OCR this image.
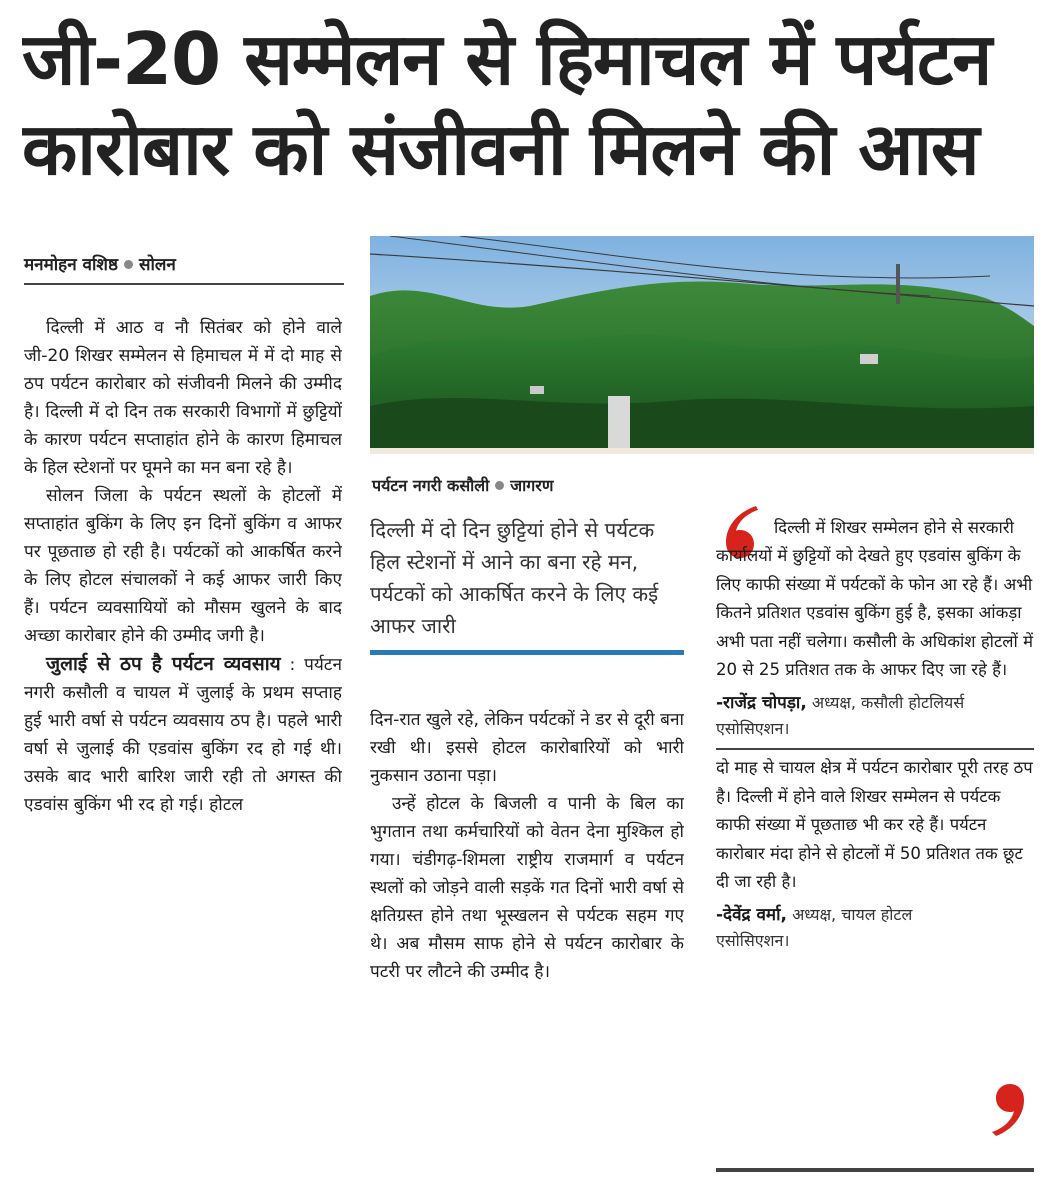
जी-20 सम्मेलन से हिमाचल में पर्यटन
कारोबार को संजीवनी मिलने की आस
मनमोहन वशिष्ठ सोलन

दिल्ली में आठ व नौ सितंबर को होने वाले जी-20 शिखर सम्मेलन से हिमाचल में में दो माह से ठप पर्यटन कारोबार को संजीवनी मिलने की उम्मीद है। दिल्ली में दो दिन तक सरकारी विभागों में छुट्टियों के कारण पर्यटन सप्ताहांत होने के कारण हिमाचल के हिल स्टेशनों पर घूमने का मन बना रहे है।

सोलन जिला के पर्यटन स्थलों के होटलों में सप्ताहांत बुकिंग के लिए इन दिनों बुकिंग व आफर पर पूछताछ हो रही है। पर्यटकों को आकर्षित करने के लिए होटल संचालकों ने कई आफर जारी किए हैं। पर्यटन व्यवसायियों को मौसम खुलने के बाद अच्छा कारोबार होने की उम्मीद जगी है।

जुलाई से ठप है पर्यटन व्यवसाय : पर्यटन नगरी कसौली व चायल में जुलाई के प्रथम सप्ताह हुई भारी वर्षा से पर्यटन व्यवसाय ठप है। पहले भारी वर्षा से जुलाई की एडवांस बुकिंग रद हो गई थी। उसके बाद भारी बारिश जारी रही तो अगस्त की एडवांस बुकिंग भी रद हो गई। होटल

पर्यटन नगरी कसौली जागरण
दिल्ली में दो दिन छुट्टियां होने से पर्यटक हिल स्टेशनों में आने का बना रहे मन, पर्यटकों को आकर्षित करने के लिए कई आफर जारी

दिन-रात खुले रहे, लेकिन पर्यटकों ने डर से दूरी बना रखी थी। इससे होटल कारोबारियों को भारी नुकसान उठाना पड़ा।

उन्हें होटल के बिजली व पानी के बिल का भुगतान तथा कर्मचारियों को वेतन देना मुश्किल हो गया। चंडीगढ़-शिमला राष्ट्रीय राजमार्ग व पर्यटन स्थलों को जोड़ने वाली सड़कें गत दिनों भारी वर्षा से क्षतिग्रस्त होने तथा भूस्खलन से पर्यटक सहम गए थे। अब मौसम साफ होने से पर्यटन कारोबार के पटरी पर लौटने की उम्मीद है।

दिल्ली में शिखर सम्मेलन होने से सरकारी कार्यालयों में छुट्टियों को देखते हुए एडवांस बुकिंग के लिए काफी संख्या में पर्यटकों के फोन आ रहे हैं। अभी कितने प्रतिशत एडवांस बुकिंग हुई है, इसका आंकड़ा अभी पता नहीं चलेगा। कसौली के अधिकांश होटलों में 20 से 25 प्रतिशत तक के आफर दिए जा रहे हैं।

-राजेंद्र चोपड़ा, अध्यक्ष, कसौली होटलियर्स एसोसिएशन।

दो माह से चायल क्षेत्र में पर्यटन कारोबार पूरी तरह ठप है। दिल्ली में होने वाले शिखर सम्मेलन से पर्यटक काफी संख्या में पूछताछ भी कर रहे हैं। पर्यटन कारोबार मंदा होने से होटलों में 50 प्रतिशत तक छूट दी जा रही है।

-देवेंद्र वर्मा, अध्यक्ष, चायल होटल एसोसिएशन।
